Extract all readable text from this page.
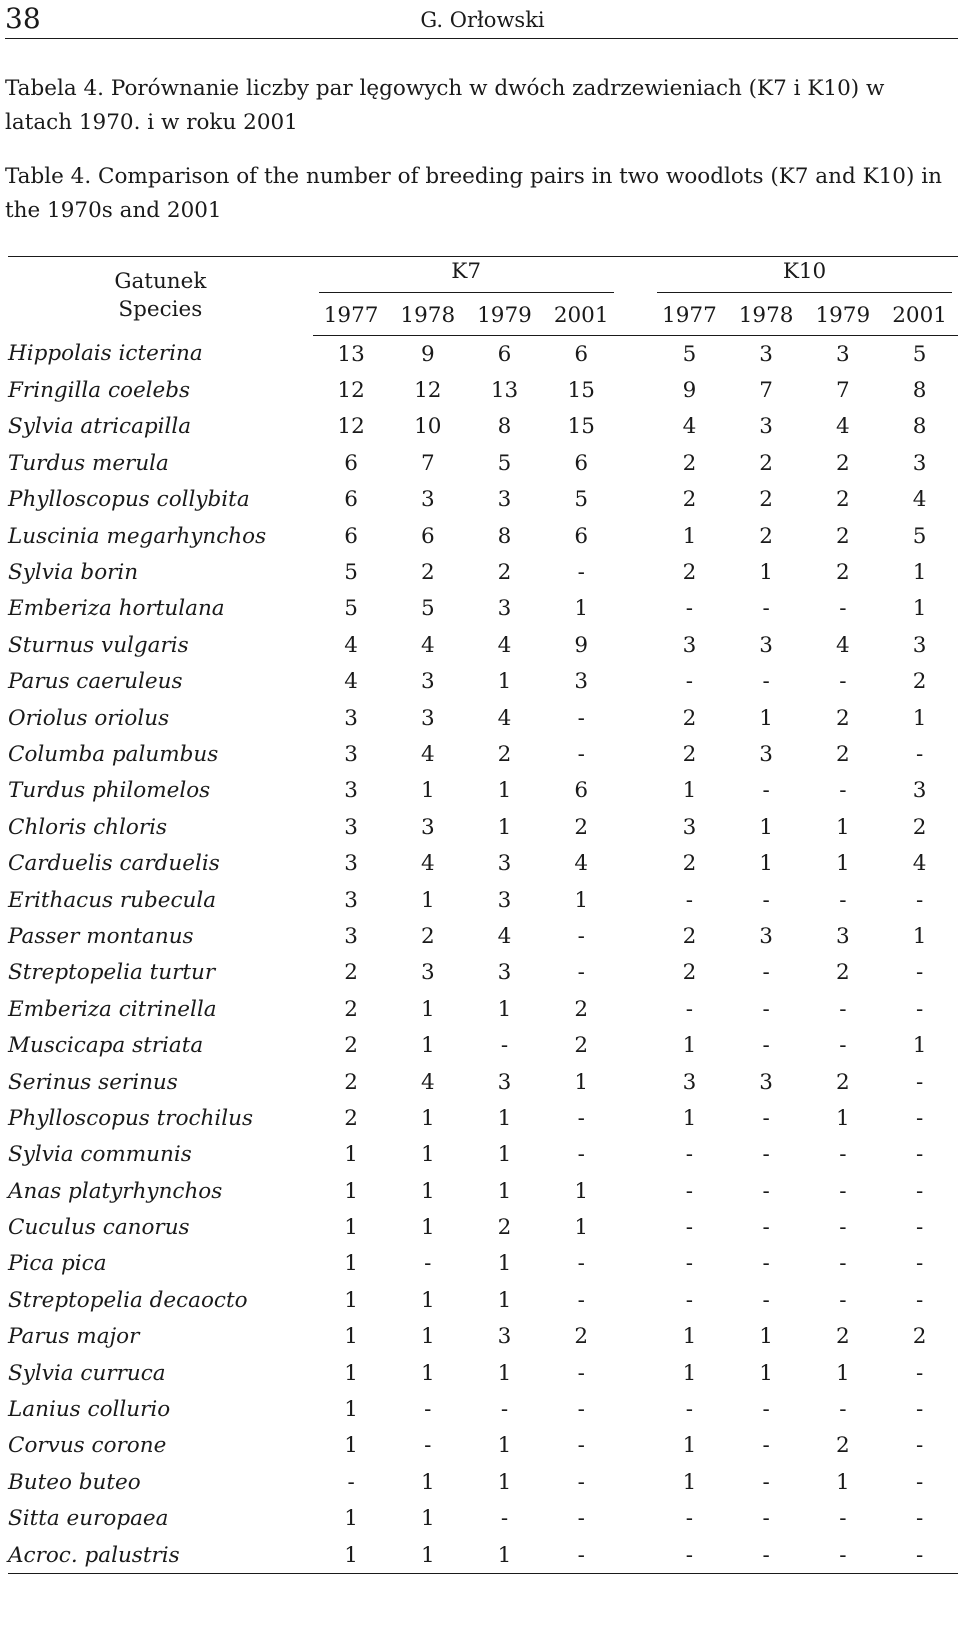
38	G. Orłowski
Tabela 4. Porównanie liczby par lęgowych w dwóch zadrzewieniach (K7 i K10) w latach 1970. i w roku 2001
Table 4. Comparison of the number of breeding pairs in two woodlots (K7 and K10) in the 1970s and 2001
Gatunek
Species	K7					K10			

	1977	1978	1979	2001		1977	1978	1979	2001
Hippolais icterina	13	9	6	6		5	3	3	5
Fringilla coelebs	12	12	13	15		9	7	7	8
Sylvia atricapilla	12	10	8	15		4	3	4	8
Turdus merula	6	7	5	6		2	2	2	3
Phylloscopus collybita	6	3	3	5		2	2	2	4
Luscinia megarhynchos	6	6	8	6		1	2	2	5
Sylvia borin	5	2	2	-		2	1	2	1
Emberiza hortulana	5	5	3	1		-	-	-	1
Sturnus vulgaris	4	4	4	9		3	3	4	3
Parus caeruleus	4	3	1	3		-	-	-	2
Oriolus oriolus	3	3	4	-		2	1	2	1
Columba palumbus	3	4	2	-		2	3	2	-
Turdus philomelos	3	1	1	6		1	-	-	3
Chloris chloris	3	3	1	2		3	1	1	2
Carduelis carduelis	3	4	3	4		2	1	1	4
Erithacus rubecula	3	1	3	1		-	-	-	-
Passer montanus	3	2	4	-		2	3	3	1
Streptopelia turtur	2	3	3	-		2	-	2	-
Emberiza citrinella	2	1	1	2		-	-	-	-
Muscicapa striata	2	1	-	2		1	-	-	1
Serinus serinus	2	4	3	1		3	3	2	-
Phylloscopus trochilus	2	1	1	-		1	-	1	-
Sylvia communis	1	1	1	-		-	-	-	-
Anas platyrhynchos	1	1	1	1		-	-	-	-
Cuculus canorus	1	1	2	1		-	-	-	-
Pica pica	1	-	1	-		-	-	-	-
Streptopelia decaocto	1	1	1	-		-	-	-	-
Parus major	1	1	3	2		1	1	2	2
Sylvia curruca	1	1	1	-		1	1	1	-
Lanius collurio	1	-	-	-		-	-	-	-
Corvus corone	1	-	1	-		1	-	2	-
Buteo buteo	-	1	1	-		1	-	1	-
Sitta europaea	1	1	-	-		-	-	-	-
Acroc. palustris	1	1	1	-		-	-	-	-
